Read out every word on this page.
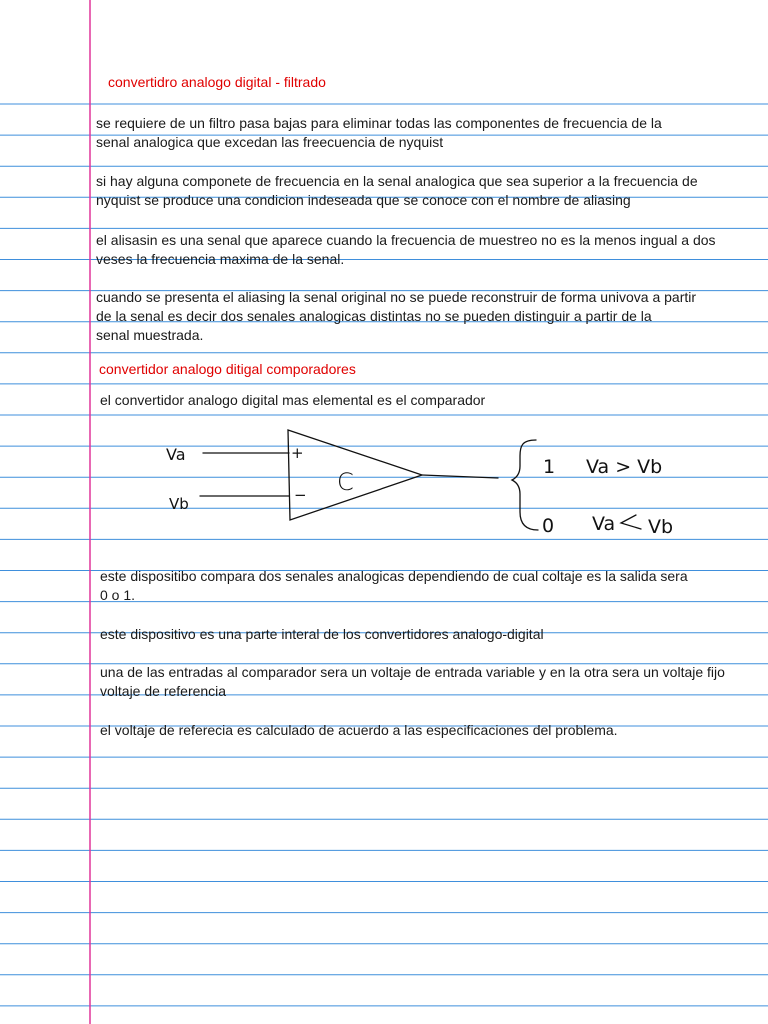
convertidro analogo digital - filtrado

se requiere de un filtro pasa bajas para eliminar todas las componentes de frecuencia de la

senal analogica que excedan las freecuencia de nyquist

si hay alguna componete de frecuencia en la senal analogica que sea superior a la frecuencia de

nyquist se produce una condicion indeseada que se conoce con el nombre de aliasing

el alisasin es una senal que aparece cuando la frecuencia de muestreo no es la menos ingual a dos

veses la frecuencia maxima de la senal.

cuando se presenta el aliasing la senal original no se puede reconstruir de forma univova a partir

de la senal es decir dos senales analogicas distintas no se pueden distinguir a partir de la

senal muestrada.

convertidor analogo ditigal comporadores

el convertidor analogo digital mas elemental es el comparador

Va
Vb
+
− C
1 Va > Vb
0 Va Vb

este dispositibo compara dos senales analogicas dependiendo de cual coltaje es la salida sera

0 o 1.

este dispositivo es una parte interal de los convertidores analogo-digital

una de las entradas al comparador sera un voltaje de entrada variable y en la otra sera un voltaje fijo

voltaje de referencia

el voltaje de referecia es calculado de acuerdo a las especificaciones del problema.
